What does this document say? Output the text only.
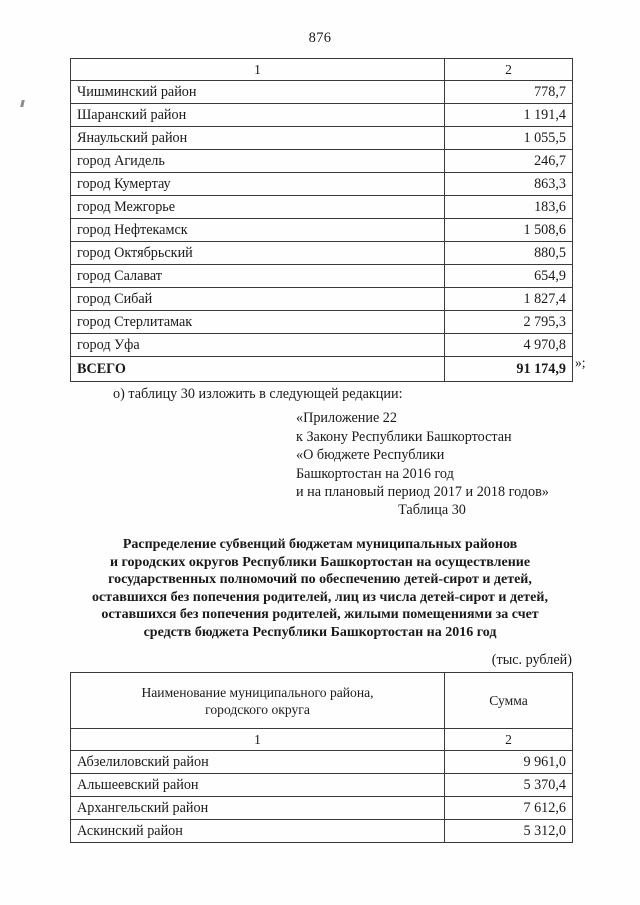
876
1	2
Чишминский район	778,7
Шаранский район	1 191,4
Янаульский район	1 055,5
город Агидель	246,7
город Кумертау	863,3
город Межгорье	183,6
город Нефтекамск	1 508,6
город Октябрьский	880,5
город Салават	654,9
город Сибай	1 827,4
город Стерлитамак	2 795,3
город Уфа	4 970,8
ВСЕГО	91 174,9 »;
о) таблицу 30 изложить в следующей редакции:
«Приложение 22
к Закону Республики Башкортостан
«О бюджете Республики
Башкортостан на 2016 год
и на плановый период 2017 и 2018 годов»
Таблица 30
Распределение субвенций бюджетам муниципальных районов
и городских округов Республики Башкортостан на осуществление
государственных полномочий по обеспечению детей-сирот и детей,
оставшихся без попечения родителей, лиц из числа детей-сирот и детей,
оставшихся без попечения родителей, жилыми помещениями за счет
средств бюджета Республики Башкортостан на 2016 год
(тыс. рублей)
Наименование муниципального района,
городского округа	Сумма
1	2
Абзелиловский район	9 961,0
Альшеевский район	5 370,4
Архангельский район	7 612,6
Аскинский район	5 312,0
